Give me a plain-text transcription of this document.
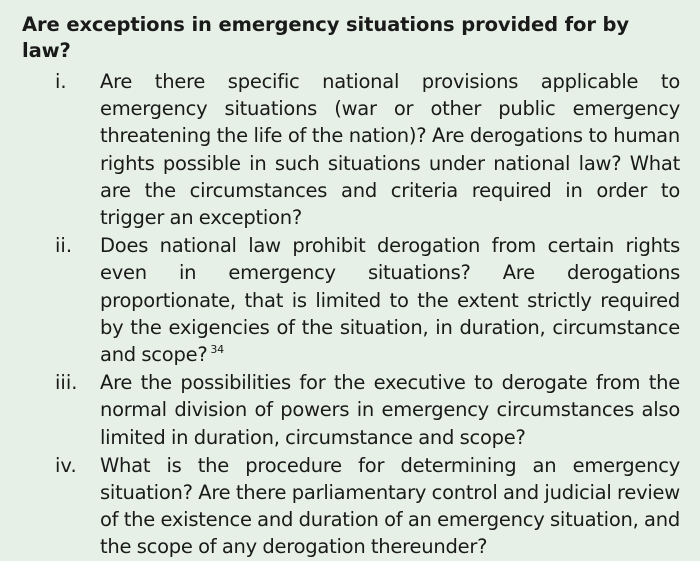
Are exceptions in emergency situations provided for by law?
i.	Are there specific national provisions applicable to emergency situations (war or other public emergency threatening the life of the nation)? Are derogations to human rights possible in such situations under national law? What are the circumstances and criteria required in order to trigger an exception?
ii.	Does national law prohibit derogation from certain rights even in emergency situations? Are derogations proportionate, that is limited to the extent strictly required by the exigencies of the situation, in duration, circumstance and scope? $^{34}$
iii.	Are the possibilities for the executive to derogate from the normal division of powers in emergency circumstances also limited in duration, circumstance and scope?
iv.	What is the procedure for determining an emergency situation? Are there parliamentary control and judicial review of the existence and duration of an emergency situation, and the scope of any derogation thereunder?
